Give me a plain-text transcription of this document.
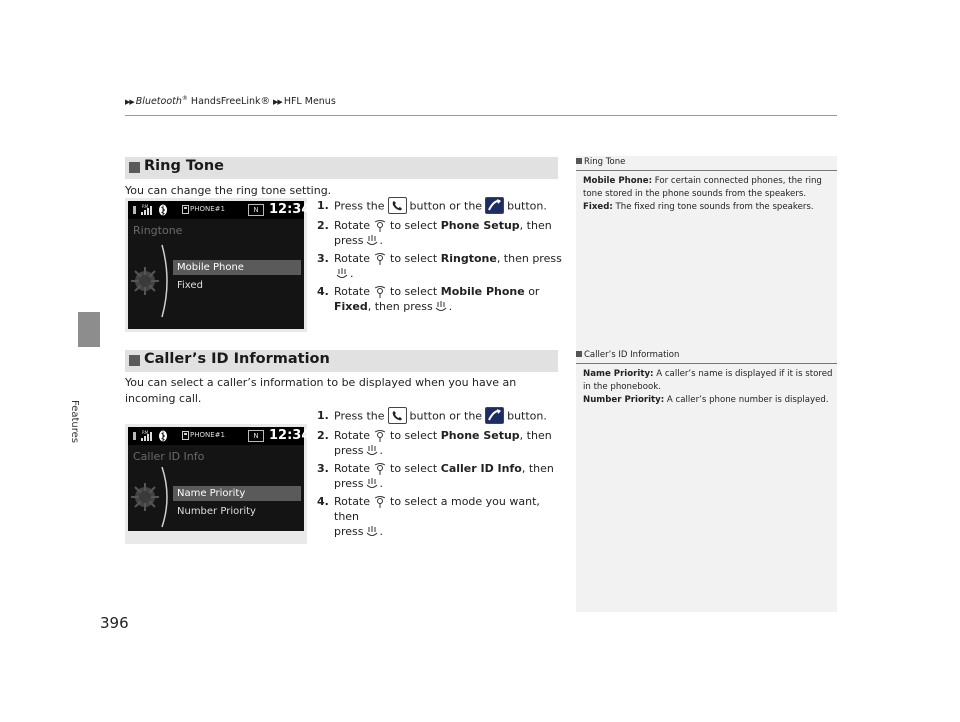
▶▶ Bluetooth® HandsFreeLink® ▶▶ HFL Menus
Features
Ring Tone
You can change the ring tone setting.
RM	PHONE#1	N 12:34
Ringtone
Mobile Phone
Fixed
1. Press the button or the button.
2. Rotate to select Phone Setup, then
press .
3. Rotate to select Ringtone, then press
.
4. Rotate to select Mobile Phone or
Fixed, then press .
Caller’s ID Information
You can select a caller’s information to be displayed when you have an incoming call.
RM	PHONE#1	N 12:34
Caller ID Info
Name Priority
Number Priority
1. Press the button or the button.
2. Rotate to select Phone Setup, then
press .
3. Rotate to select Caller ID Info, then
press .
4. Rotate to select a mode you want, then
press .
Ring Tone
Mobile Phone: For certain connected phones, the ring tone stored in the phone sounds from the speakers.
Fixed: The fixed ring tone sounds from the speakers.
Caller’s ID Information
Name Priority: A caller’s name is displayed if it is stored in the phonebook.
Number Priority: A caller’s phone number is displayed.
396
